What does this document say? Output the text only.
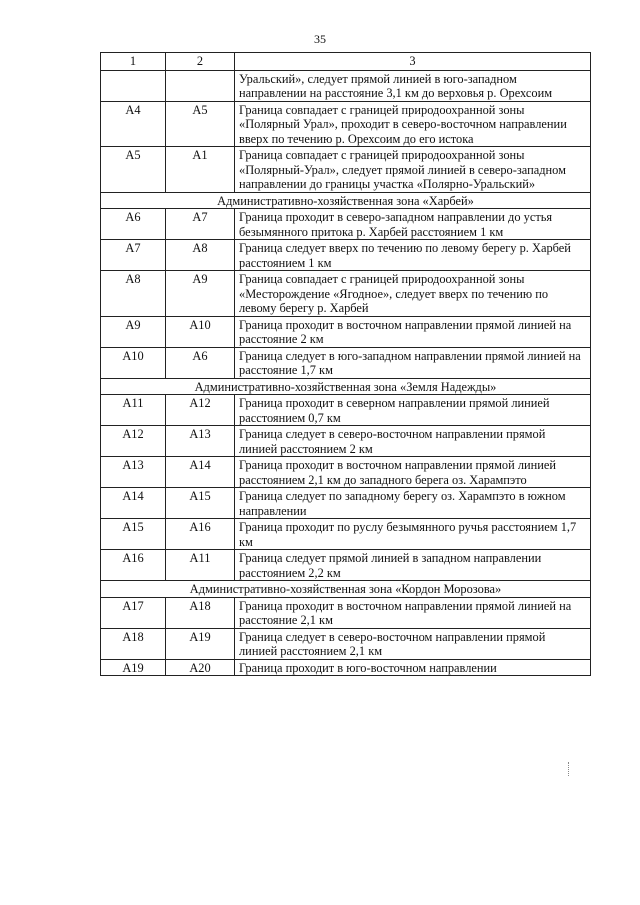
35
1	2	3
		Уральский», следует прямой линией в юго-западном направлении на расстояние 3,1 км до верховья р. Орехсоим
А4	А5	Граница совпадает с границей природоохранной зоны «Полярный Урал», проходит в северо-восточном направлении вверх по течению р. Орехсоим до его истока
А5	А1	Граница совпадает с границей природоохранной зоны «Полярный-Урал», следует прямой линией в северо-западном направлении до границы участка «Полярно-Уральский»
Административно-хозяйственная зона «Харбей»		
А6	А7	Граница проходит в северо-западном направлении до устья безымянного притока р. Харбей расстоянием 1 км
А7	А8	Граница следует вверх по течению по левому берегу р. Харбей расстоянием 1 км
А8	А9	Граница совпадает с границей природоохранной зоны «Месторождение «Ягодное», следует вверх по течению по левому берегу р. Харбей
А9	А10	Граница проходит в восточном направлении прямой линией на расстояние 2 км
А10	А6	Граница следует в юго-западном направлении прямой линией на расстояние 1,7 км
Административно-хозяйственная зона «Земля Надежды»		
А11	А12	Граница проходит в северном направлении прямой линией расстоянием 0,7 км
А12	А13	Граница следует в северо-восточном направлении прямой линией расстоянием 2 км
А13	А14	Граница проходит в восточном направлении прямой линией расстоянием 2,1 км до западного берега оз. Харампэто
А14	А15	Граница следует по западному берегу оз. Харампэто в южном направлении
А15	А16	Граница проходит по руслу безымянного ручья расстоянием 1,7 км
А16	А11	Граница следует прямой линией в западном направлении расстоянием 2,2 км
Административно-хозяйственная зона «Кордон Морозова»		
А17	А18	Граница проходит в восточном направлении прямой линией на расстояние 2,1 км
А18	А19	Граница следует в северо-восточном направлении прямой линией расстоянием 2,1 км
А19	А20	Граница проходит в юго-восточном направлении
